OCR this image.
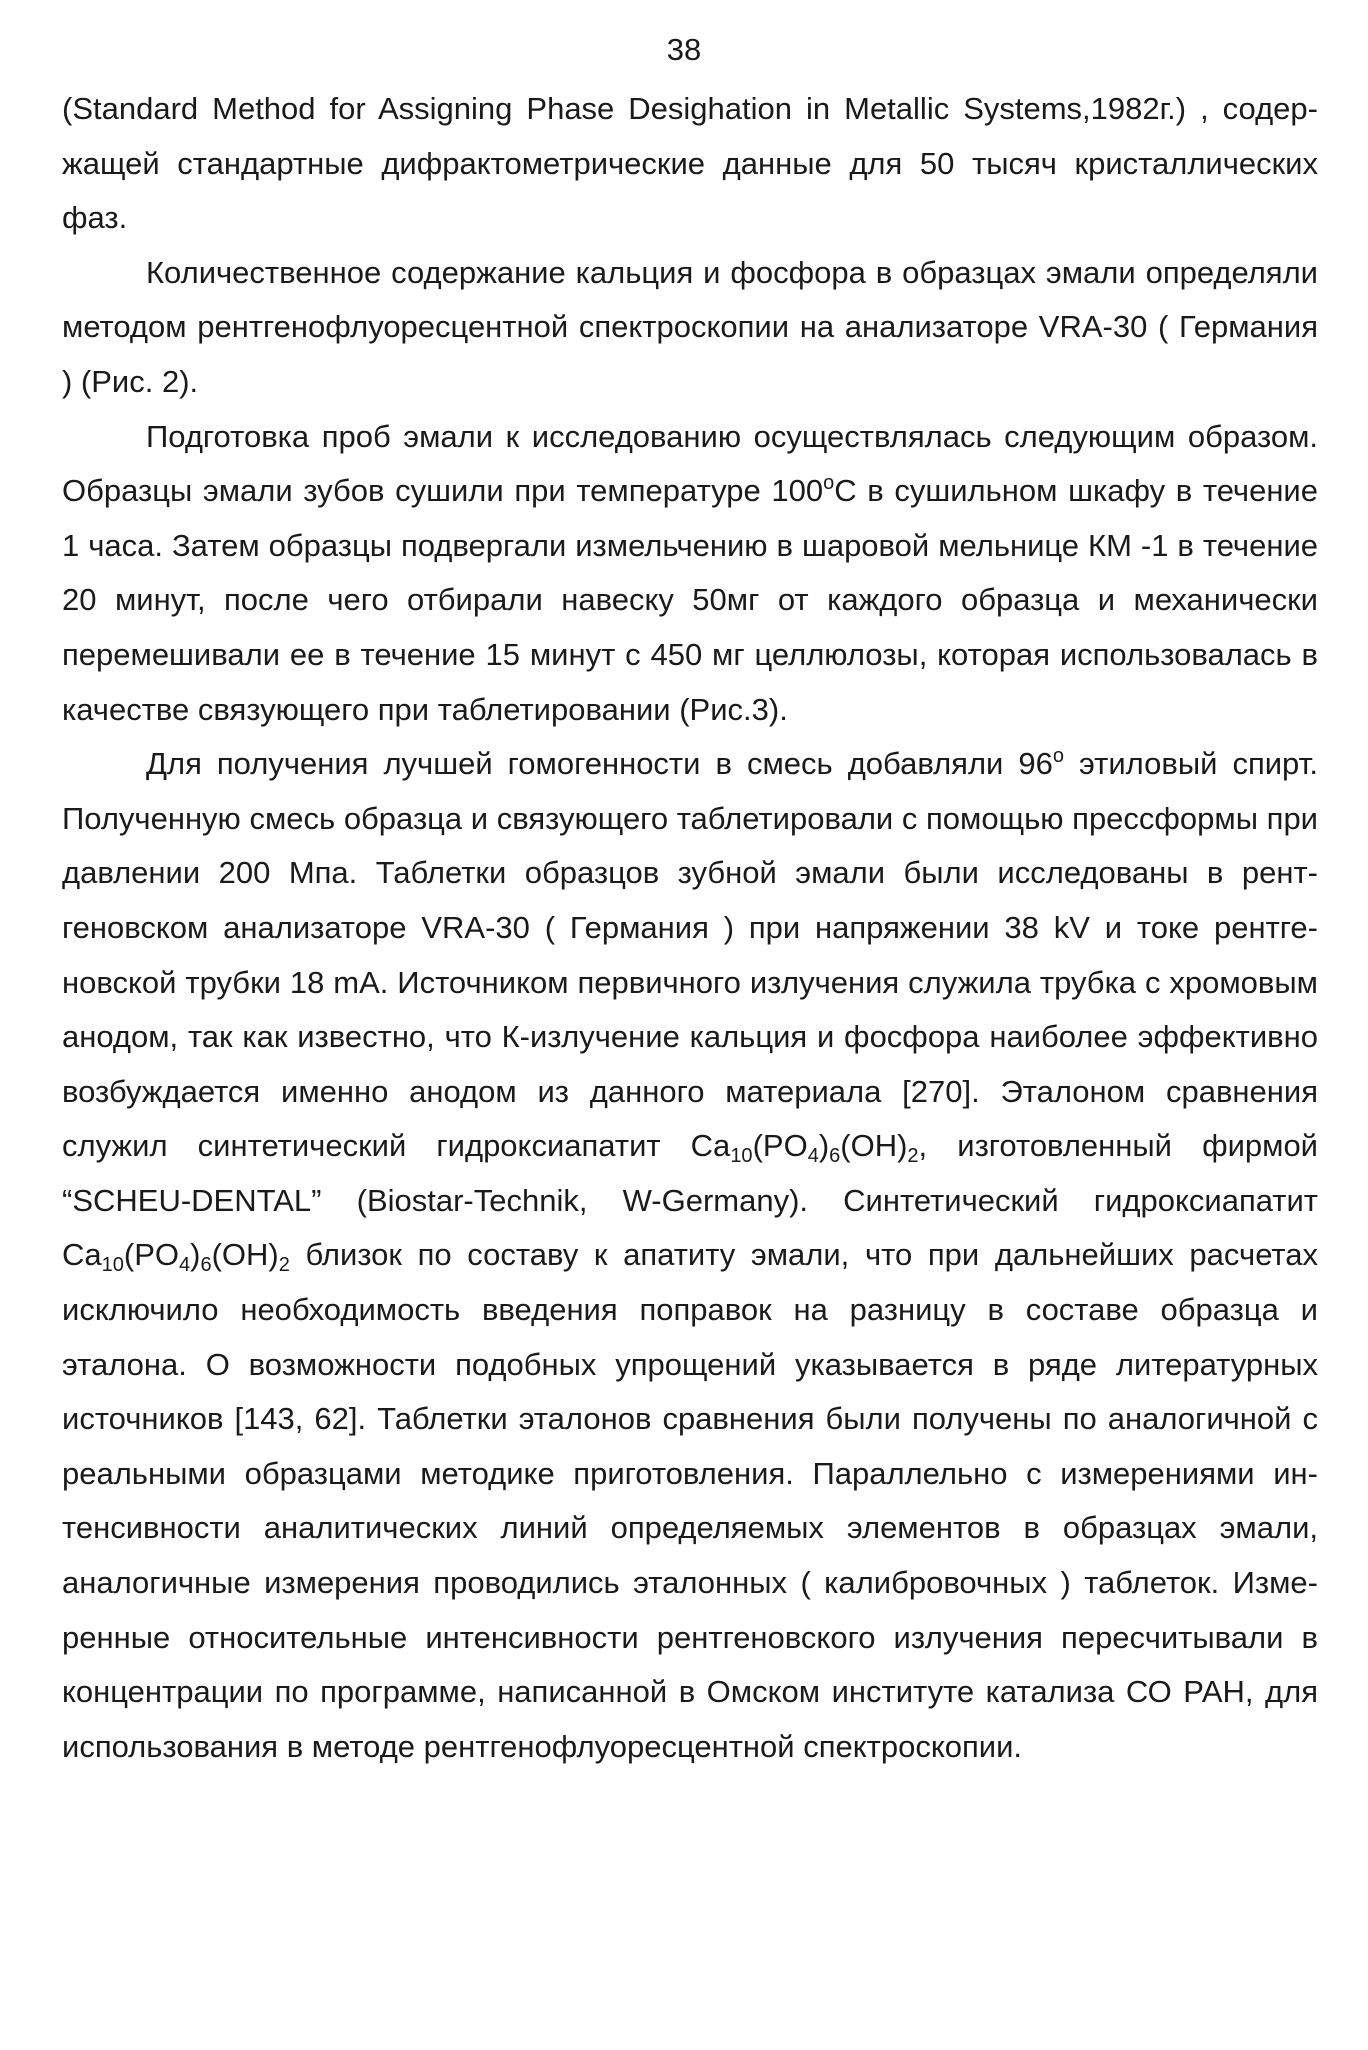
38

(Standard Method for Assigning Phase Desighation in Metallic Systems,1982г.) , содержащей стандартные дифрактометрические данные для 50 тысяч кристаллических фаз.

Количественное содержание кальция и фосфора в образцах эмали определяли методом рентгенофлуоресцентной спектроскопии на анализаторе VRA-30 ( Германия ) (Рис. 2).

Подготовка проб эмали к исследованию осуществлялась следующим образом. Образцы эмали зубов сушили при температуре 100$^o$С в сушильном шкафу в течение 1 часа. Затем образцы подвергали измельчению в шаровой мельнице КМ -1 в течение 20 минут, после чего отбирали навеску 50мг от каждого образца и механически перемешивали ее в течение 15 минут с 450 мг целлюлозы, которая использовалась в качестве связующего при таблетировании (Рис.3).

Для получения лучшей гомогенности в смесь добавляли 96$^o$ этиловый спирт. Полученную смесь образца и связующего таблетировали с помощью прессформы при давлении 200 Мпа. Таблетки образцов зубной эмали были исследованы в рентгеновском анализаторе VRA-30 ( Германия ) при напряжении 38 kV и токе рентгеновской трубки 18 mA. Источником первичного излучения служила трубка с хромовым анодом, так как известно, что К-излучение кальция и фосфора наиболее эффективно возбуждается именно анодом из данного материала [270]. Эталоном сравнения служил синтетический гидроксиапатит $Ca_{10}(PO_4)_6(OH)_2$, изготовленный фирмой “SCHEU-DENTAL” (Biostar-Technik, W-Germany). Синтетический гидроксиапатит $Ca_{10}(PO_4)_6(OH)_2$ близок по составу к апатиту эмали, что при дальнейших расчетах исключило необходимость введения поправок на разницу в составе образца и эталона. О возможности подобных упрощений указывается в ряде литературных источников [143, 62]. Таблетки эталонов сравнения были получены по аналогичной с реальными образцами методике приготовления. Параллельно с измерениями интенсивности аналитических линий определяемых элементов в образцах эмали, аналогичные измерения проводились эталонных ( калибровочных ) таблеток. Измеренные относительные интенсивности рентгеновского излучения пересчитывали в концентрации по программе, написанной в Омском институте катализа СО РАН, для использования в методе рентгенофлуоресцентной спектроскопии.
